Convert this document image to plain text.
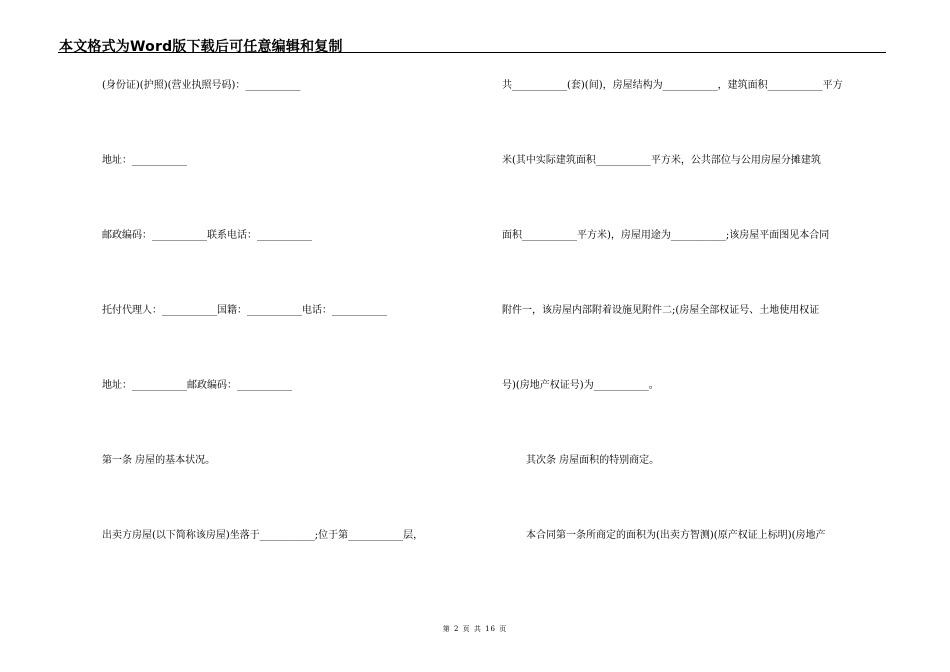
本文格式为Word版下载后可任意编辑和复制
(身份证)(护照)(营业执照号码)：___________
地址：___________
邮政编码：___________联系电话：___________
托付代理人：___________国籍：___________电话：___________
地址：___________邮政编码：___________
第一条 房屋的基本状况。
出卖方房屋(以下简称该房屋)坐落于___________;位于第___________层，
共___________(套)(间)，房屋结构为___________，建筑面积___________平方
米(其中实际建筑面积___________平方米，公共部位与公用房屋分摊建筑
面积___________平方米)，房屋用途为___________;该房屋平面图见本合同
附件一，该房屋内部附着设施见附件二;(房屋全部权证号、土地使用权证
号)(房地产权证号)为___________。
其次条 房屋面积的特别商定。
本合同第一条所商定的面积为(出卖方智测)(原产权证上标明)(房地产
第 2 页 共 16 页
